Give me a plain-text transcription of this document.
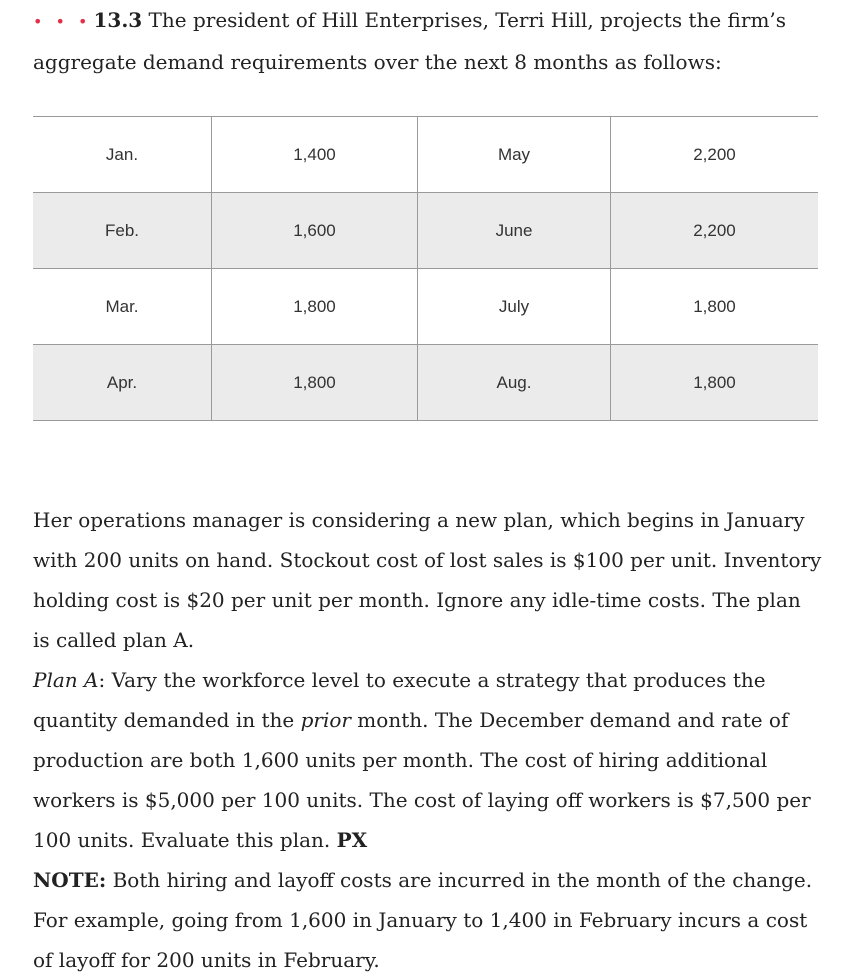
• • • 13.3 The president of Hill Enterprises, Terri Hill, projects the firm’s aggregate demand requirements over the next 8 months as follows:
Jan.	1,400	May	2,200
Feb.	1,600	June	2,200
Mar.	1,800	July	1,800
Apr.	1,800	Aug.	1,800

Her operations manager is considering a new plan, which begins in January with 200 units on hand. Stockout cost of lost sales is $100 per unit. Inventory holding cost is $20 per unit per month. Ignore any idle-time costs. The plan is called plan A.

Plan A: Vary the workforce level to execute a strategy that produces the quantity demanded in the prior month. The December demand and rate of production are both 1,600 units per month. The cost of hiring additional workers is $5,000 per 100 units. The cost of laying off workers is $7,500 per 100 units. Evaluate this plan. PX

NOTE: Both hiring and layoff costs are incurred in the month of the change. For example, going from 1,600 in January to 1,400 in February incurs a cost of layoff for 200 units in February.
